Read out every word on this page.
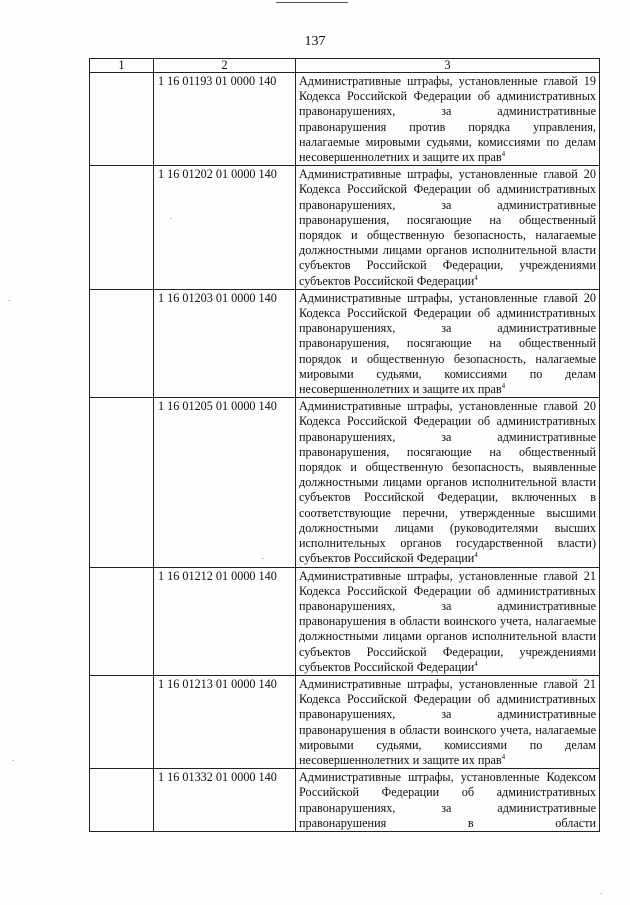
137
1	2	3
	1 16 01193 01 0000 140	Административные штрафы, установленные главой 19 Кодекса Российской Федерации об административных правонарушениях, за административные правонарушения против порядка управления, налагаемые мировыми судьями, комиссиями по делам несовершеннолетних и защите их прав$^4$

	1 16 01202 01 0000 140	Административные штрафы, установленные главой 20 Кодекса Российской Федерации об административных правонарушениях, за административные правонарушения, посягающие на общественный порядок и общественную безопасность, налагаемые должностными лицами органов исполнительной власти субъектов Российской Федерации, учреждениями субъектов Российской Федерации$^4$

	1 16 01203 01 0000 140	Административные штрафы, установленные главой 20 Кодекса Российской Федерации об административных правонарушениях, за административные правонарушения, посягающие на общественный порядок и общественную безопасность, налагаемые мировыми судьями, комиссиями по делам несовершеннолетних и защите их прав$^4$

	1 16 01205 01 0000 140	Административные штрафы, установленные главой 20 Кодекса Российской Федерации об административных правонарушениях, за административные правонарушения, посягающие на общественный порядок и общественную безопасность, выявленные должностными лицами органов исполнительной власти субъектов Российской Федерации, включенных в соответствующие перечни, утвержденные высшими должностными лицами (руководителями высших исполнительных органов государственной власти) субъектов Российской Федерации$^4$

	1 16 01212 01 0000 140	Административные штрафы, установленные главой 21 Кодекса Российской Федерации об административных правонарушениях, за административные правонарушения в области воинского учета, налагаемые должностными лицами органов исполнительной власти субъектов Российской Федерации, учреждениями субъектов Российской Федерации$^4$

	1 16 01213 01 0000 140	Административные штрафы, установленные главой 21 Кодекса Российской Федерации об административных правонарушениях, за административные правонарушения в области воинского учета, налагаемые мировыми судьями, комиссиями по делам несовершеннолетних и защите их прав$^4$

	1 16 01332 01 0000 140	Административные штрафы, установленные Кодексом Российской Федерации об административных правонарушениях, за административные правонарушения в области
